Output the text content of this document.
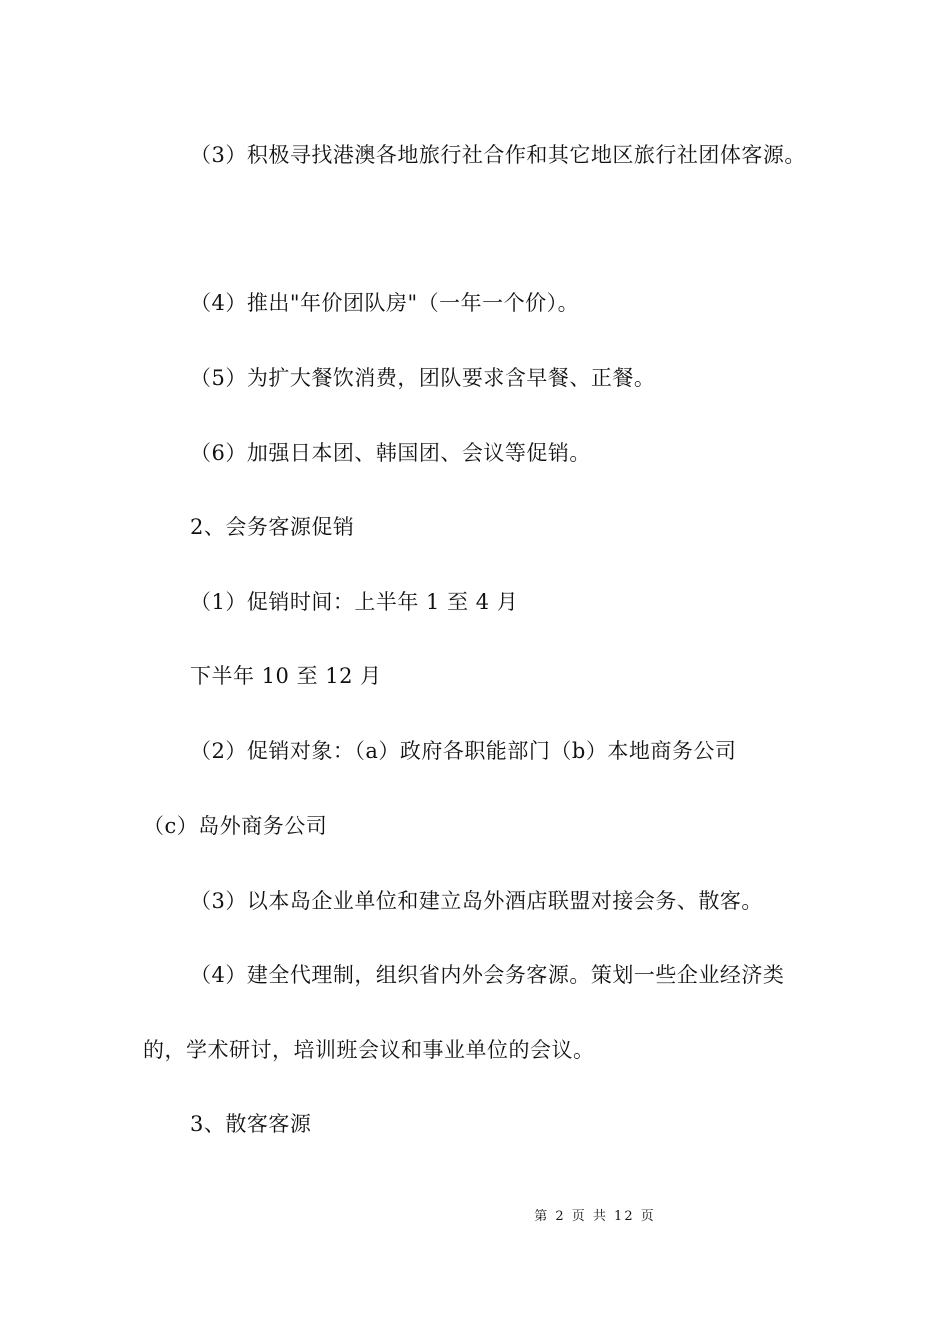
（3）积极寻找港澳各地旅行社合作和其它地区旅行社团体客源。
（4）推出"年价团队房"（一年一个价）。
（5）为扩大餐饮消费，团队要求含早餐、正餐。
（6）加强日本团、韩国团、会议等促销。
2、会务客源促销
（1）促销时间：上半年 1 至 4 月
下半年 10 至 12 月
（2）促销对象：（a）政府各职能部门（b）本地商务公司
（c）岛外商务公司
（3）以本岛企业单位和建立岛外酒店联盟对接会务、散客。
（4）建全代理制，组织省内外会务客源。策划一些企业经济类
的，学术研讨，培训班会议和事业单位的会议。
3、散客客源
第 2 页 共 12 页
